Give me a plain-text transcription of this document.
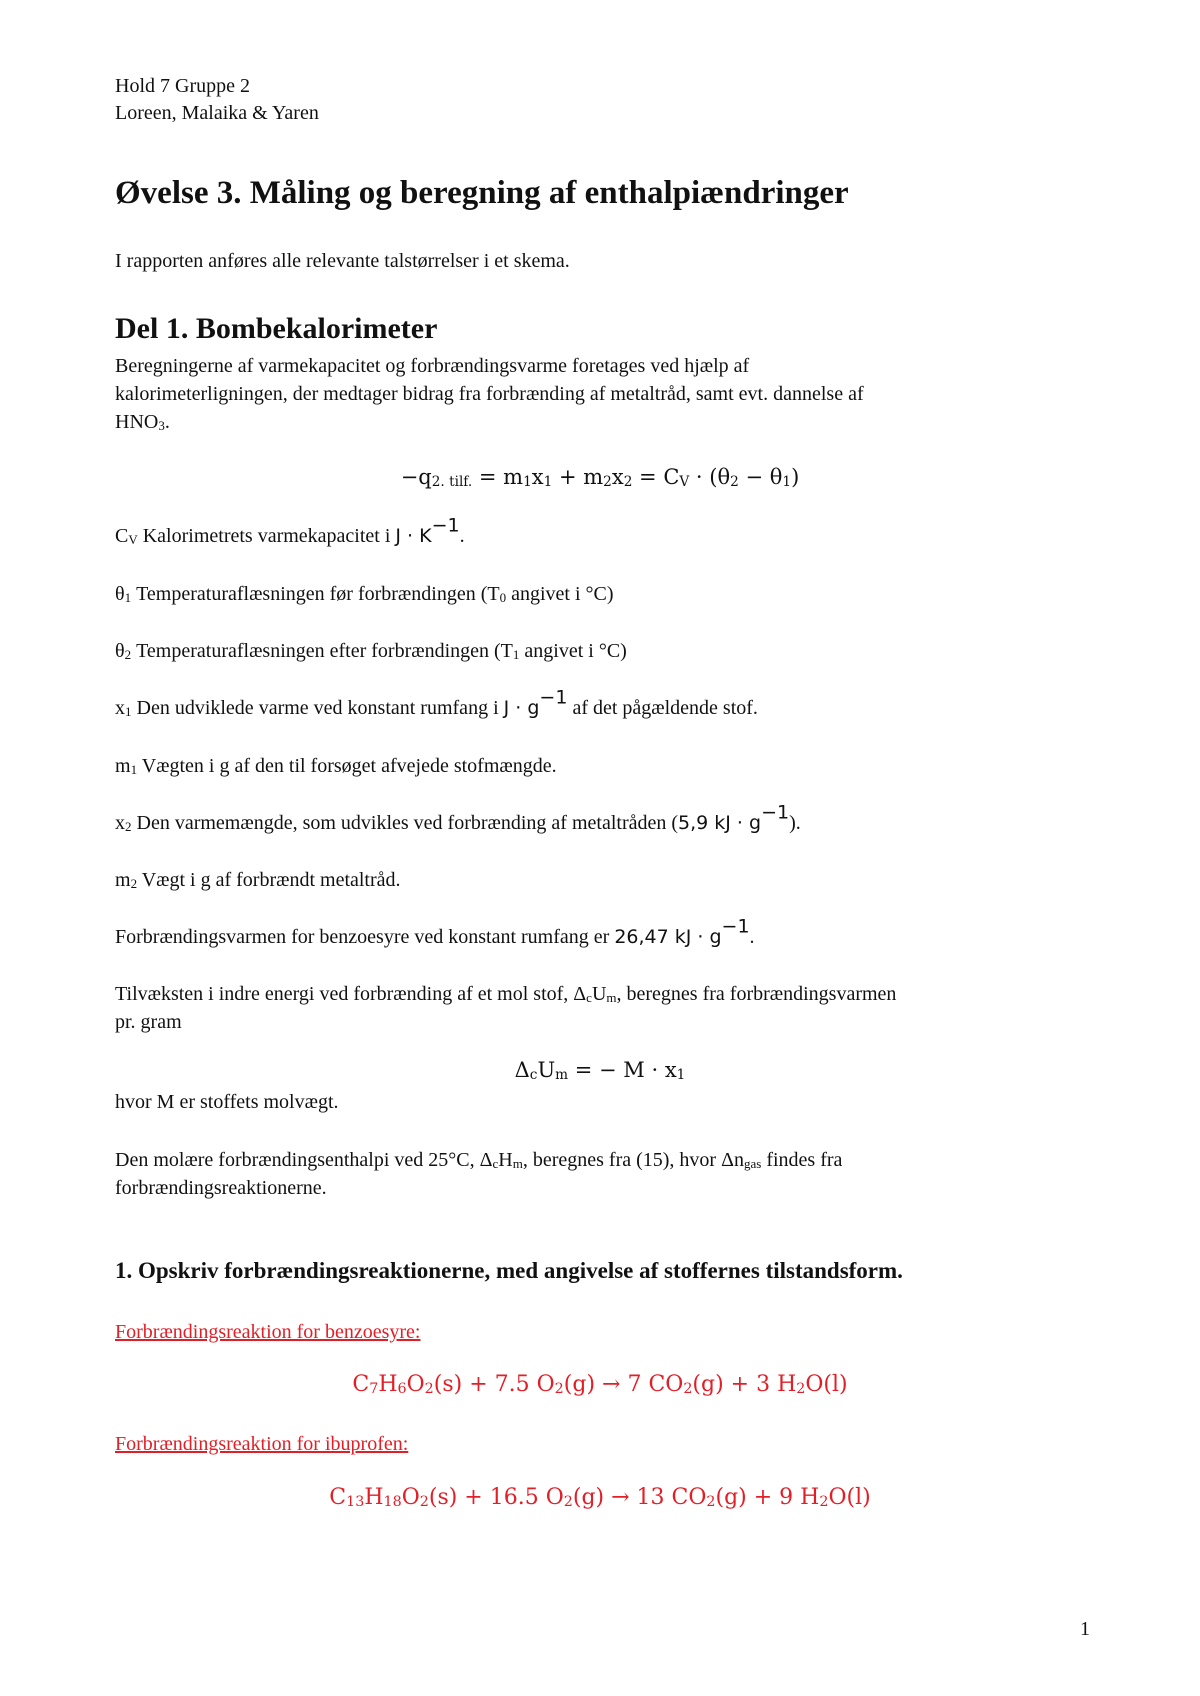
Hold 7 Gruppe 2
Loreen, Malaika & Yaren
Øvelse 3. Måling og beregning af enthalpiændringer
I rapporten anføres alle relevante talstørrelser i et skema.
Del 1. Bombekalorimeter
Beregningerne af varmekapacitet og forbrændingsvarme foretages ved hjælp af
kalorimeterligningen, der medtager bidrag fra forbrænding af metaltråd, samt evt. dannelse af
$HNO_3$.
$-q_{2. tilf.} = m_1x_1 + m_2x_2 = C_V \cdot (\theta_2 - \theta_1)$
$C_V$ Kalorimetrets varmekapacitet i $J \cdot K^{-1}$.
$\theta_1$ Temperaturaflæsningen før forbrændingen ($T_0$ angivet i °C)
$\theta_2$ Temperaturaflæsningen efter forbrændingen ($T_1$ angivet i °C)
$x_1$ Den udviklede varme ved konstant rumfang i $J \cdot g^{-1}$ af det pågældende stof.
$m_1$ Vægten i g af den til forsøget afvejede stofmængde.
$x_2$ Den varmemængde, som udvikles ved forbrænding af metaltråden (5,9 kJ · $g^{-1}$).
$m_2$ Vægt i g af forbrændt metaltråd.
Forbrændingsvarmen for benzoesyre ved konstant rumfang er 26,47 kJ · $g^{-1}$.
Tilvæksten i indre energi ved forbrænding af et mol stof, $\Delta_cU_m$, beregnes fra forbrændingsvarmen
pr. gram
$\Delta_cU_m$ = − $M \cdot x_1$
hvor M er stoffets molvægt.
Den molære forbrændingsenthalpi ved 25°C, $\Delta_cH_m$, beregnes fra (15), hvor $\Delta n_{gas}$ findes fra
forbrændingsreaktionerne.
1. Opskriv forbrændingsreaktionerne, med angivelse af stoffernes tilstandsform.
Forbrændingsreaktion for benzoesyre:
$C_7H_6O_2(s) + 7.5$ $O_2(g) \to 7$ $CO_2(g) + 3$ $H_2O(l)$
Forbrændingsreaktion for ibuprofen:
$C_{13}H_{18}O_2(s) + 16.5$ $O_2(g) \to 13$ $CO_2(g) + 9$ $H_2O(l)$
1
